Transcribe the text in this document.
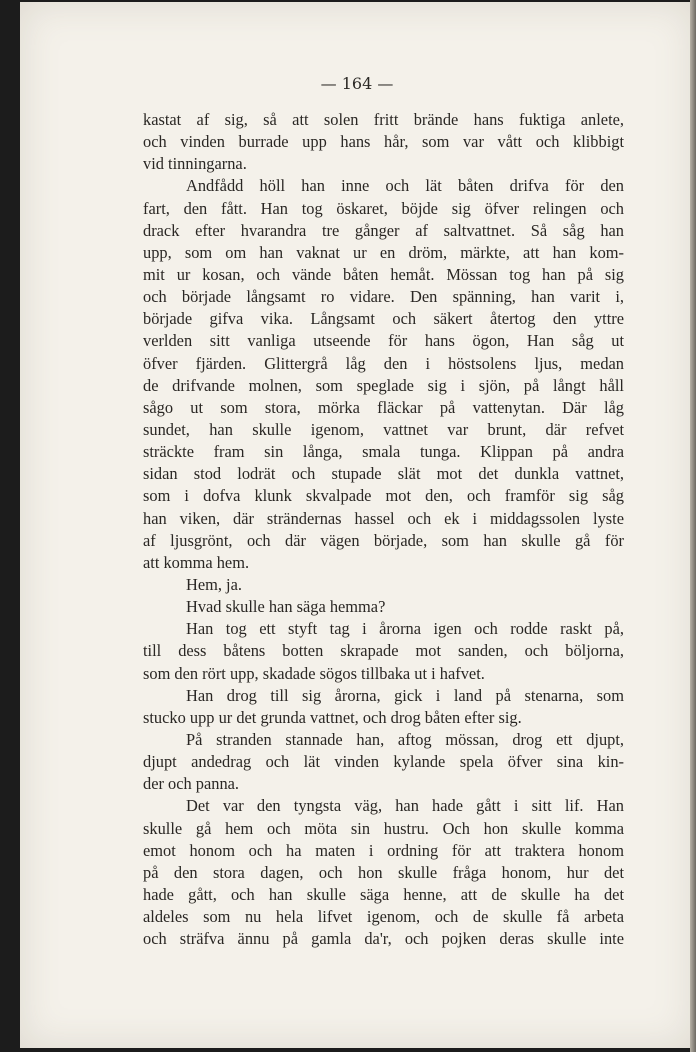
— 164 —
kastat af sig, så att solen fritt brände hans fuktiga anlete,
och vinden burrade upp hans hår, som var vått och klibbigt
vid tinningarna.
Andfådd höll han inne och lät båten drifva för den
fart, den fått. Han tog öskaret, böjde sig öfver relingen och
drack efter hvarandra tre gånger af saltvattnet. Så såg han
upp, som om han vaknat ur en dröm, märkte, att han kom-
mit ur kosan, och vände båten hemåt. Mössan tog han på sig
och började långsamt ro vidare. Den spänning, han varit i,
började gifva vika. Långsamt och säkert återtog den yttre
verlden sitt vanliga utseende för hans ögon, Han såg ut
öfver fjärden. Glittergrå låg den i höstsolens ljus, medan
de drifvande molnen, som speglade sig i sjön, på långt håll
sågo ut som stora, mörka fläckar på vattenytan. Där låg
sundet, han skulle igenom, vattnet var brunt, där refvet
sträckte fram sin långa, smala tunga. Klippan på andra
sidan stod lodrät och stupade slät mot det dunkla vattnet,
som i dofva klunk skvalpade mot den, och framför sig såg
han viken, där strändernas hassel och ek i middagssolen lyste
af ljusgrönt, och där vägen började, som han skulle gå för
att komma hem.
Hem, ja.
Hvad skulle han säga hemma?
Han tog ett styft tag i årorna igen och rodde raskt på,
till dess båtens botten skrapade mot sanden, och böljorna,
som den rört upp, skadade sögos tillbaka ut i hafvet.
Han drog till sig årorna, gick i land på stenarna, som
stucko upp ur det grunda vattnet, och drog båten efter sig.
På stranden stannade han, aftog mössan, drog ett djupt,
djupt andedrag och lät vinden kylande spela öfver sina kin-
der och panna.
Det var den tyngsta väg, han hade gått i sitt lif. Han
skulle gå hem och möta sin hustru. Och hon skulle komma
emot honom och ha maten i ordning för att traktera honom
på den stora dagen, och hon skulle fråga honom, hur det
hade gått, och han skulle säga henne, att de skulle ha det
aldeles som nu hela lifvet igenom, och de skulle få arbeta
och sträfva ännu på gamla da'r, och pojken deras skulle inte
